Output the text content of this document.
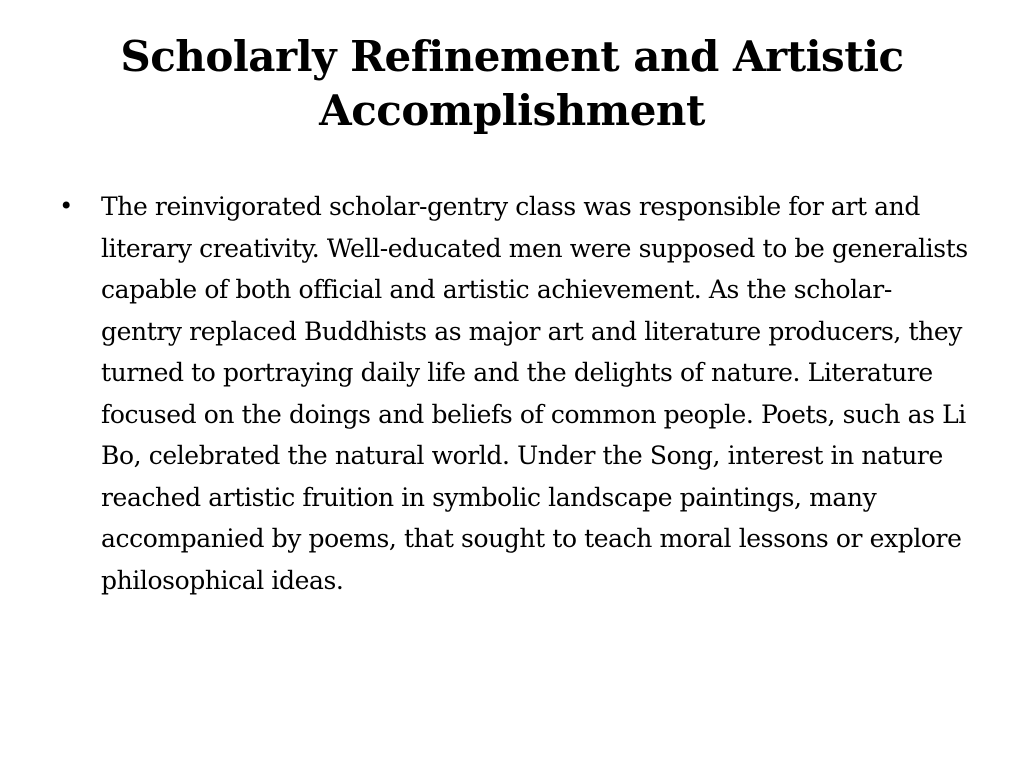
Scholarly Refinement and Artistic Accomplishment
• The reinvigorated scholar-gentry class was responsible for art and literary creativity. Well-educated men were supposed to be generalists capable of both official and artistic achievement. As the scholar-gentry replaced Buddhists as major art and literature producers, they turned to portraying daily life and the delights of nature. Literature focused on the doings and beliefs of common people. Poets, such as Li Bo, celebrated the natural world. Under the Song, interest in nature reached artistic fruition in symbolic landscape paintings, many accompanied by poems, that sought to teach moral lessons or explore philosophical ideas.
